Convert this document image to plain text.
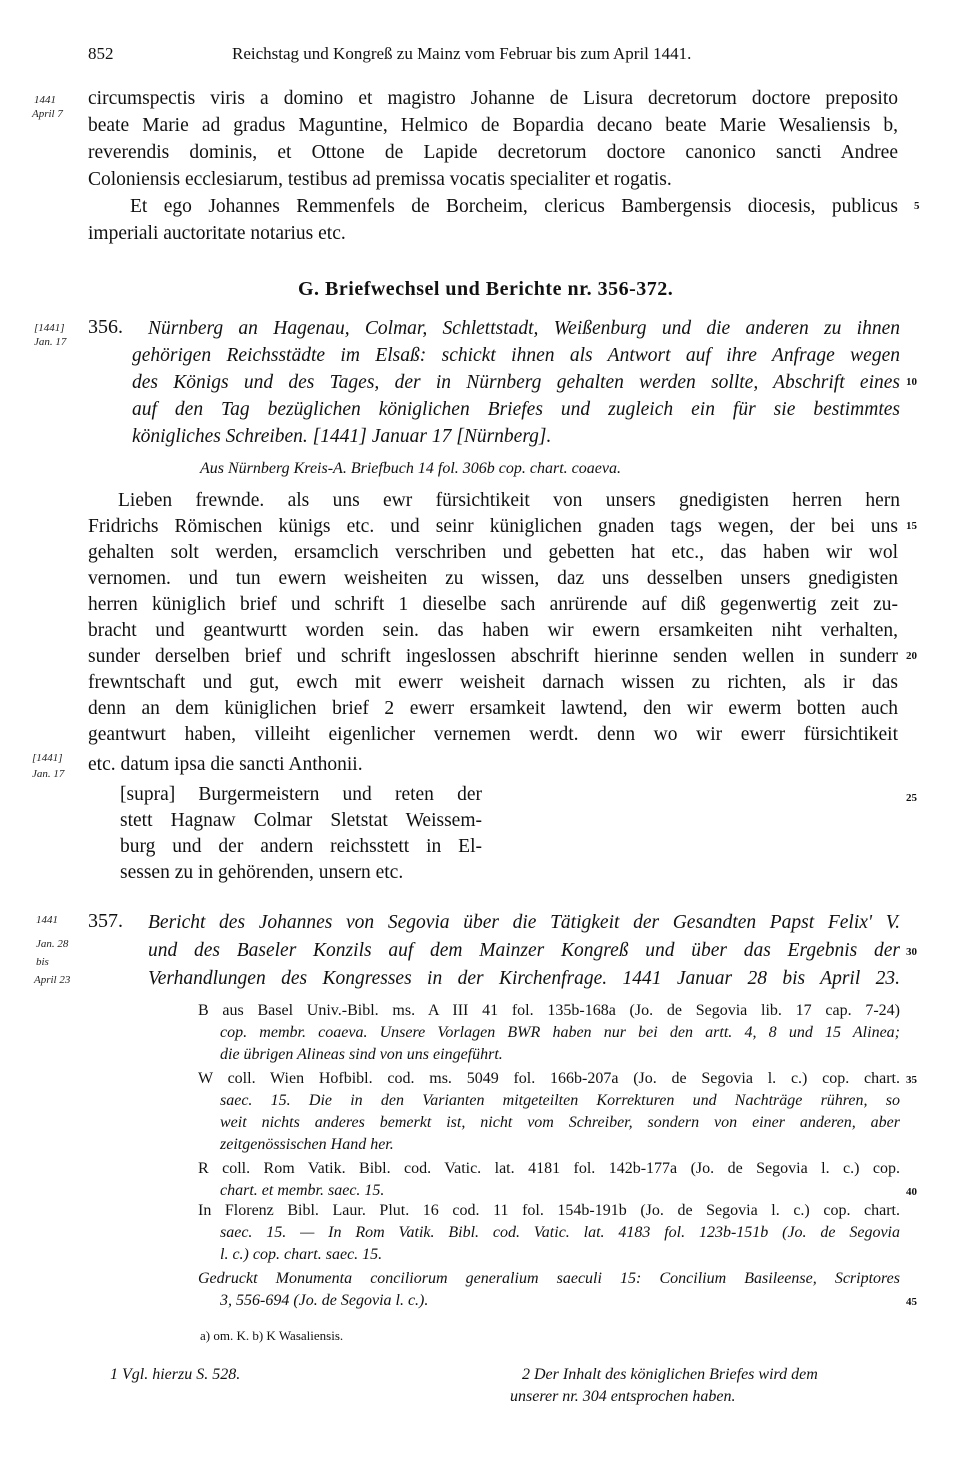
852	Reichstag und Kongreß zu Mainz vom Februar bis zum April 1441.
1441
April 7
circumspectis viris a domino et magistro Johanne de Lisura decretorum doctore preposito
beate Marie ad gradus Maguntine, Helmico de Bopardia decano beate Marie Wesaliensis b,
reverendis dominis, et Ottone de Lapide decretorum doctore canonico sancti Andree
Coloniensis ecclesiarum, testibus ad premissa vocatis specialiter et rogatis.
Et ego Johannes Remmenfels de Borcheim, clericus Bambergensis diocesis, publicus
imperiali auctoritate notarius etc.
G. Briefwechsel und Berichte nr. 356-372.
[1441]
Jan. 17
356. Nürnberg an Hagenau, Colmar, Schlettstadt, Weißenburg und die anderen zu ihnen
gehörigen Reichsstädte im Elsaß: schickt ihnen als Antwort auf ihre Anfrage wegen
des Königs und des Tages, der in Nürnberg gehalten werden sollte, Abschrift eines
auf den Tag bezüglichen königlichen Briefes und zugleich ein für sie bestimmtes
königliches Schreiben. [1441] Januar 17 [Nürnberg].
Aus Nürnberg Kreis-A. Briefbuch 14 fol. 306b cop. chart. coaeva.
Lieben frewnde. als uns ewr fürsichtikeit von unsers gnedigisten herren hern
Fridrichs Römischen künigs etc. und seinr küniglichen gnaden tags wegen, der bei uns
gehalten solt werden, ersamclich verschriben und gebetten hat etc., das haben wir wol
vernomen. und tun ewern weisheiten zu wissen, daz uns desselben unsers gnedigisten
herren küniglich brief und schrift 1 dieselbe sach anrürende auf diß gegenwertig zeit zu-
bracht und geantwurtt worden sein. das haben wir ewern ersamkeiten niht verhalten,
sunder derselben brief und schrift ingeslossen abschrift hierinne senden wellen in sunderr
frewntschaft und gut, ewch mit ewerr weisheit darnach wissen zu richten, als ir das
denn an dem küniglichen brief 2 ewerr ersamkeit lawtend, den wir ewerm botten auch
geantwurt haben, villeiht eigenlicher vernemen werdt. denn wo wir ewerr fürsichtikeit
etc. datum ipsa die sancti Anthonii.
[1441]
Jan. 17
[supra] Burgermeistern und reten der
stett Hagnaw Colmar Sletstat Weissem-
burg und der andern reichsstett in El-
sessen zu in gehörenden, unsern etc.
1441
Jan. 28
bis
April 23
357. Bericht des Johannes von Segovia über die Tätigkeit der Gesandten Papst Felix' V.
und des Baseler Konzils auf dem Mainzer Kongreß und über das Ergebnis der
Verhandlungen des Kongresses in der Kirchenfrage. 1441 Januar 28 bis April 23.
B aus Basel Univ.-Bibl. ms. A III 41 fol. 135b-168a (Jo. de Segovia lib. 17 cap. 7-24)
cop. membr. coaeva. Unsere Vorlagen BWR haben nur bei den artt. 4, 8 und 15 Alinea;
die übrigen Alineas sind von uns eingeführt.
W coll. Wien Hofbibl. cod. ms. 5049 fol. 166b-207a (Jo. de Segovia l. c.) cop. chart.
saec. 15. Die in den Varianten mitgeteilten Korrekturen und Nachträge rühren, so
weit nichts anderes bemerkt ist, nicht vom Schreiber, sondern von einer anderen, aber
zeitgenössischen Hand her.
R coll. Rom Vatik. Bibl. cod. Vatic. lat. 4181 fol. 142b-177a (Jo. de Segovia l. c.) cop.
chart. et membr. saec. 15.
In Florenz Bibl. Laur. Plut. 16 cod. 11 fol. 154b-191b (Jo. de Segovia l. c.) cop. chart.
saec. 15. — In Rom Vatik. Bibl. cod. Vatic. lat. 4183 fol. 123b-151b (Jo. de Segovia
l. c.) cop. chart. saec. 15.
Gedruckt Monumenta conciliorum generalium saeculi 15: Concilium Basileense, Scriptores
3, 556-694 (Jo. de Segovia l. c.).
a) om. K. b) K Wasaliensis.
1 Vgl. hierzu S. 528.	2 Der Inhalt des königlichen Briefes wird dem
unserer nr. 304 entsprochen haben.
5
10
15
20
25
30
35
40
45
